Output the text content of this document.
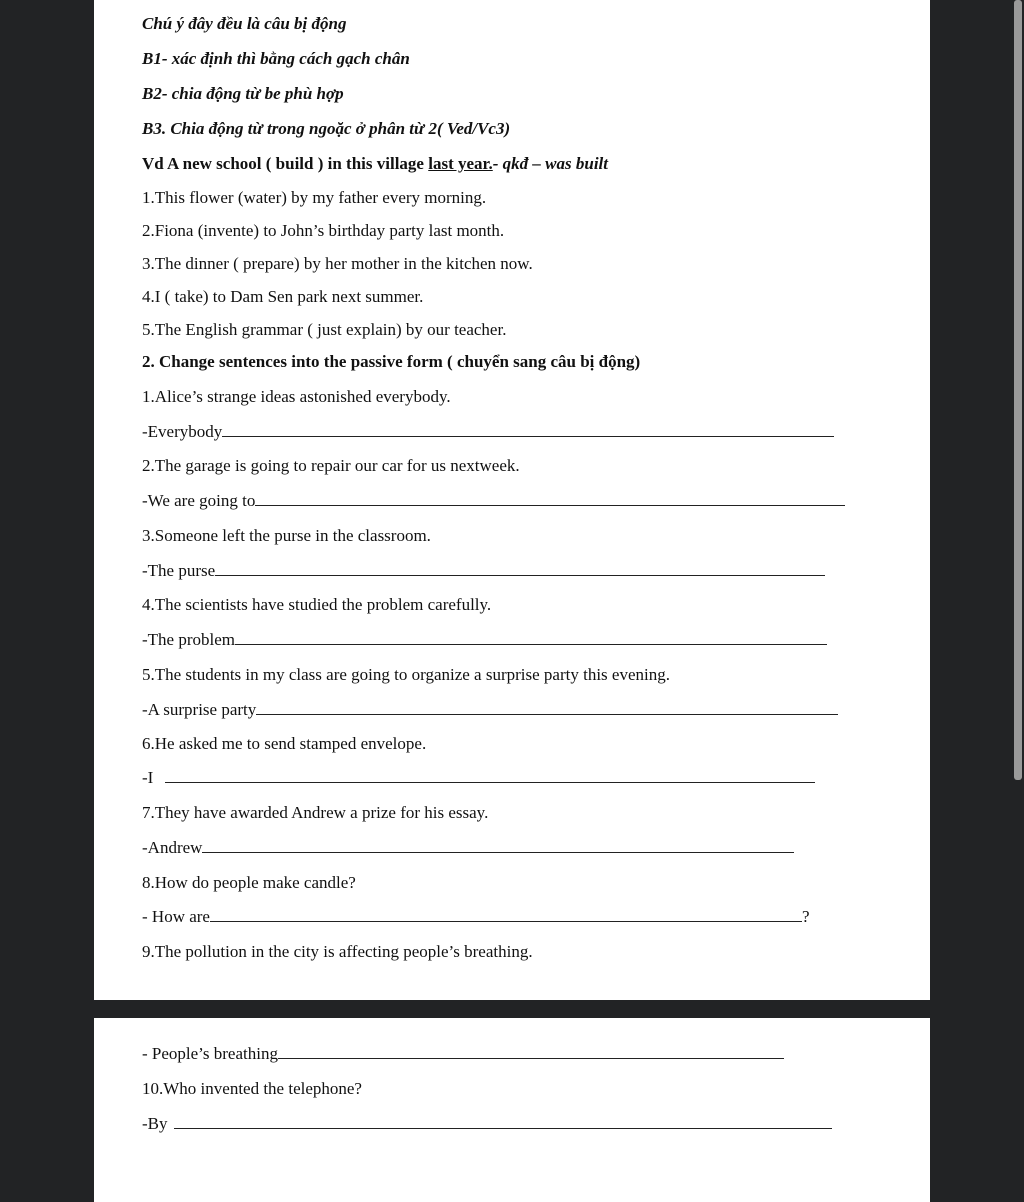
Chú ý đây đều là câu bị động
B1- xác định thì bằng cách gạch chân
B2- chia động từ be phù hợp
B3. Chia động từ trong ngoặc ở phân từ 2( Ved/Vc3)
Vd A new school ( build ) in this village last year.- qkđ – was built
1.This flower (water) by my father every morning.
2.Fiona (invente) to John’s birthday party last month.
3.The dinner ( prepare) by her mother in the kitchen now.
4.I ( take) to Dam Sen park next summer.
5.The English grammar ( just explain) by our teacher.
2. Change sentences into the passive form ( chuyển sang câu bị động)
1.Alice’s strange ideas astonished everybody.
-Everybody
2.The garage is going to repair our car for us nextweek.
-We are going to
3.Someone left the purse in the classroom.
-The purse
4.The scientists have studied the problem carefully.
-The problem
5.The students in my class are going to organize a surprise party this evening.
-A surprise party
6.He asked me to send stamped envelope.
-I
7.They have awarded Andrew a prize for his essay.
-Andrew
8.How do people make candle?
- How are	?
9.The pollution in the city is affecting people’s breathing.
- People’s breathing
10.Who invented the telephone?
-By
